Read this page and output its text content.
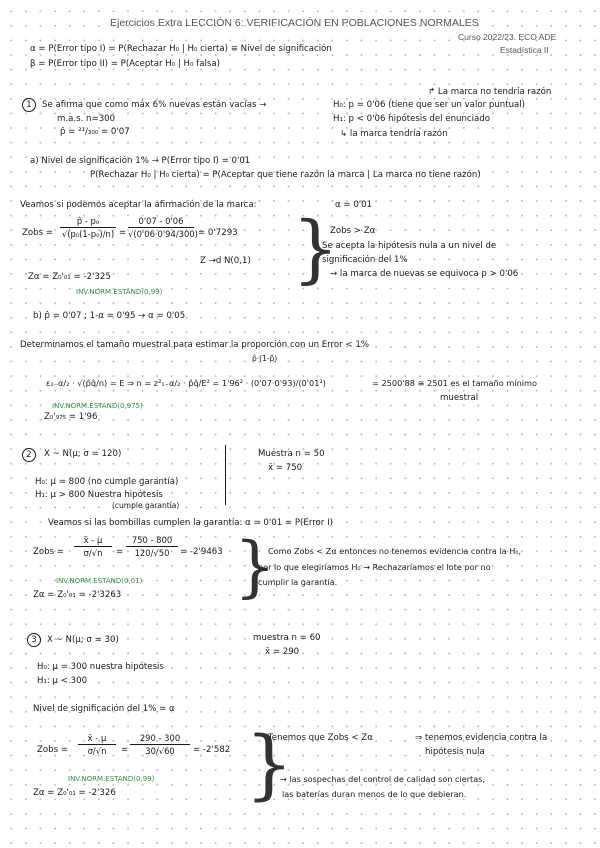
Ejercicios Extra LECCIÓN 6: VERIFICACIÓN EN POBLACIONES NORMALES
Curso 2022/23. ECO ADE
Estadística II
α = P(Error tipo I) = P(Rechazar H₀ | H₀ cierta) ≡ Nivel de significación
β = P(Error tipo II) = P(Aceptar H₀ | H₀ falsa)
↱ La marca no tendría razón
1	Se afirma que como máx 6% nuevas están vacías →	H₀: p = 0'06 (tiene que ser un valor puntual)
m.a.s. n=300	H₁: p < 0'06 hipótesis del enunciado
p̂ = ²¹/₃₀₀ = 0'07	↳ la marca tendría razón
a) Nivel de significación 1% → P(Error tipo I) = 0'01
P(Rechazar H₀ | H₀ cierta) = P(Aceptar que tiene razón la marca | La marca no tiene razón)
Veamos si podemos aceptar la afirmación de la marca:	α = 0'01
Zobs =
p̂ - p₀
√(p₀(1-p₀)/n) =
0'07 - 0'06
√(0'06·0'94/300) = 0'7293
Z →d N(0,1)
Zα = Z₀'₀₁ = -2'325
INV.NORM.ESTAND(0,99) }
Zobs > Zα
Se acepta la hipótesis nula a un nivel de
significación del 1%
→ la marca de nuevas se equivoca p > 0'06
b) p̂ = 0'07 ; 1-α = 0'95 → α = 0'05
Determinamos el tamaño muestral para estimar la proporción con un Error < 1%
p̂·(1-p̂)
ε₁₋α/₂ · √(p̂q̂/n) = E ⇒ n = z²₁₋α/₂ · p̂q̂/E² = 1'96² · (0'07·0'93)/(0'01²)	= 2500'88 ≅ 2501 es el tamaño mínimo
muestral
INV.NORM.ESTAND(0,975)
Z₀'₉₇₅ = 1'96
2	X ~ N(μ; σ = 120)	Muestra n = 50
x̄ = 750
H₀: μ = 800 (no cumple garantía)
H₁: μ > 800 Nuestra hipótesis
(cumple garantía)
Veamos si las bombillas cumplen la garantía: α = 0'01 = P(Error I)
Zobs =
x̄ - μ
σ/√n	=
750 - 800
120/√50	= -2'9463
INV.NORM.ESTAND(0,01)
Zα = Z₀'₀₁ = -2'3263 }
Como Zobs < Zα entonces no tenemos evidencia contra la H₀,
por lo que elegiríamos H₀ → Rechazaríamos el lote por no
cumplir la garantía.
3	X ~ N(μ; σ = 30)	muestra n = 60
x̄ = 290
H₀: μ = 300 nuestra hipótesis
H₁: μ < 300
Nivel de significación del 1% = α
Zobs =
x̄ - μ
σ/√n	=
290 - 300
30/√60	= -2'582
INV.NORM.ESTAND(0,99)
Zα = Z₀'₀₁ = -2'326 }
Tenemos que Zobs < Zα	⇒ tenemos evidencia contra la
hipótesis nula
→ las sospechas del control de calidad son ciertas,
las baterías duran menos de lo que debieran.
